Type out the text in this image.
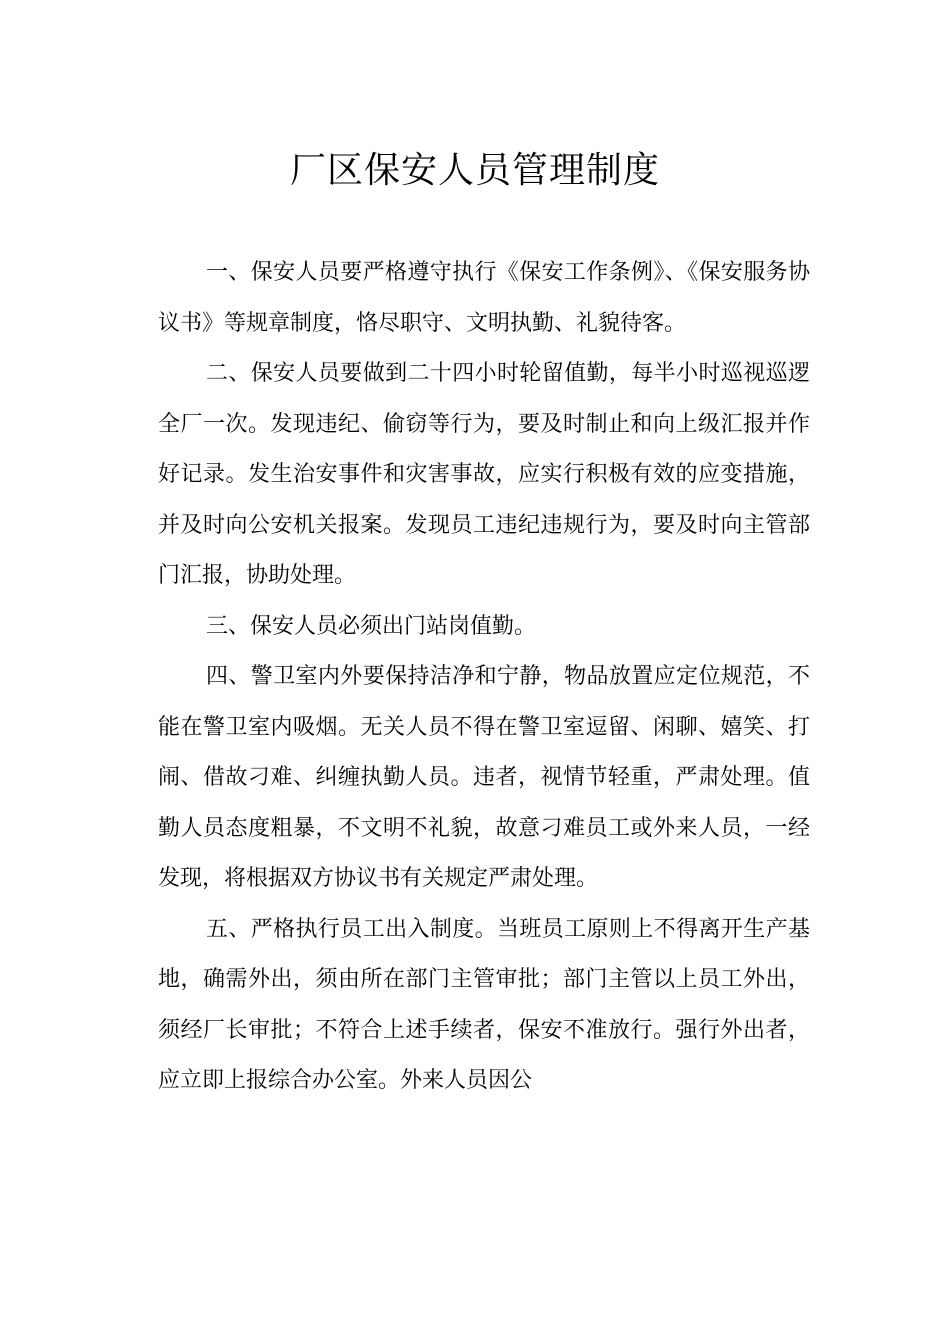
厂区保安人员管理制度

一、保安人员要严格遵守执行《保安工作条例》、《保安服务协议书》等规章制度，恪尽职守、文明执勤、礼貌待客。

二、保安人员要做到二十四小时轮留值勤，每半小时巡视巡逻全厂一次。发现违纪、偷窃等行为，要及时制止和向上级汇报并作好记录。发生治安事件和灾害事故，应实行积极有效的应变措施，并及时向公安机关报案。发现员工违纪违规行为，要及时向主管部门汇报，协助处理。

三、保安人员必须出门站岗值勤。

四、警卫室内外要保持洁净和宁静，物品放置应定位规范，不能在警卫室内吸烟。无关人员不得在警卫室逗留、闲聊、嬉笑、打闹、借故刁难、纠缠执勤人员。违者，视情节轻重，严肃处理。值勤人员态度粗暴，不文明不礼貌，故意刁难员工或外来人员，一经发现，将根据双方协议书有关规定严肃处理。

五、严格执行员工出入制度。当班员工原则上不得离开生产基地，确需外出，须由所在部门主管审批；部门主管以上员工外出，须经厂长审批；不符合上述手续者，保安不准放行。强行外出者，应立即上报综合办公室。外来人员因公
